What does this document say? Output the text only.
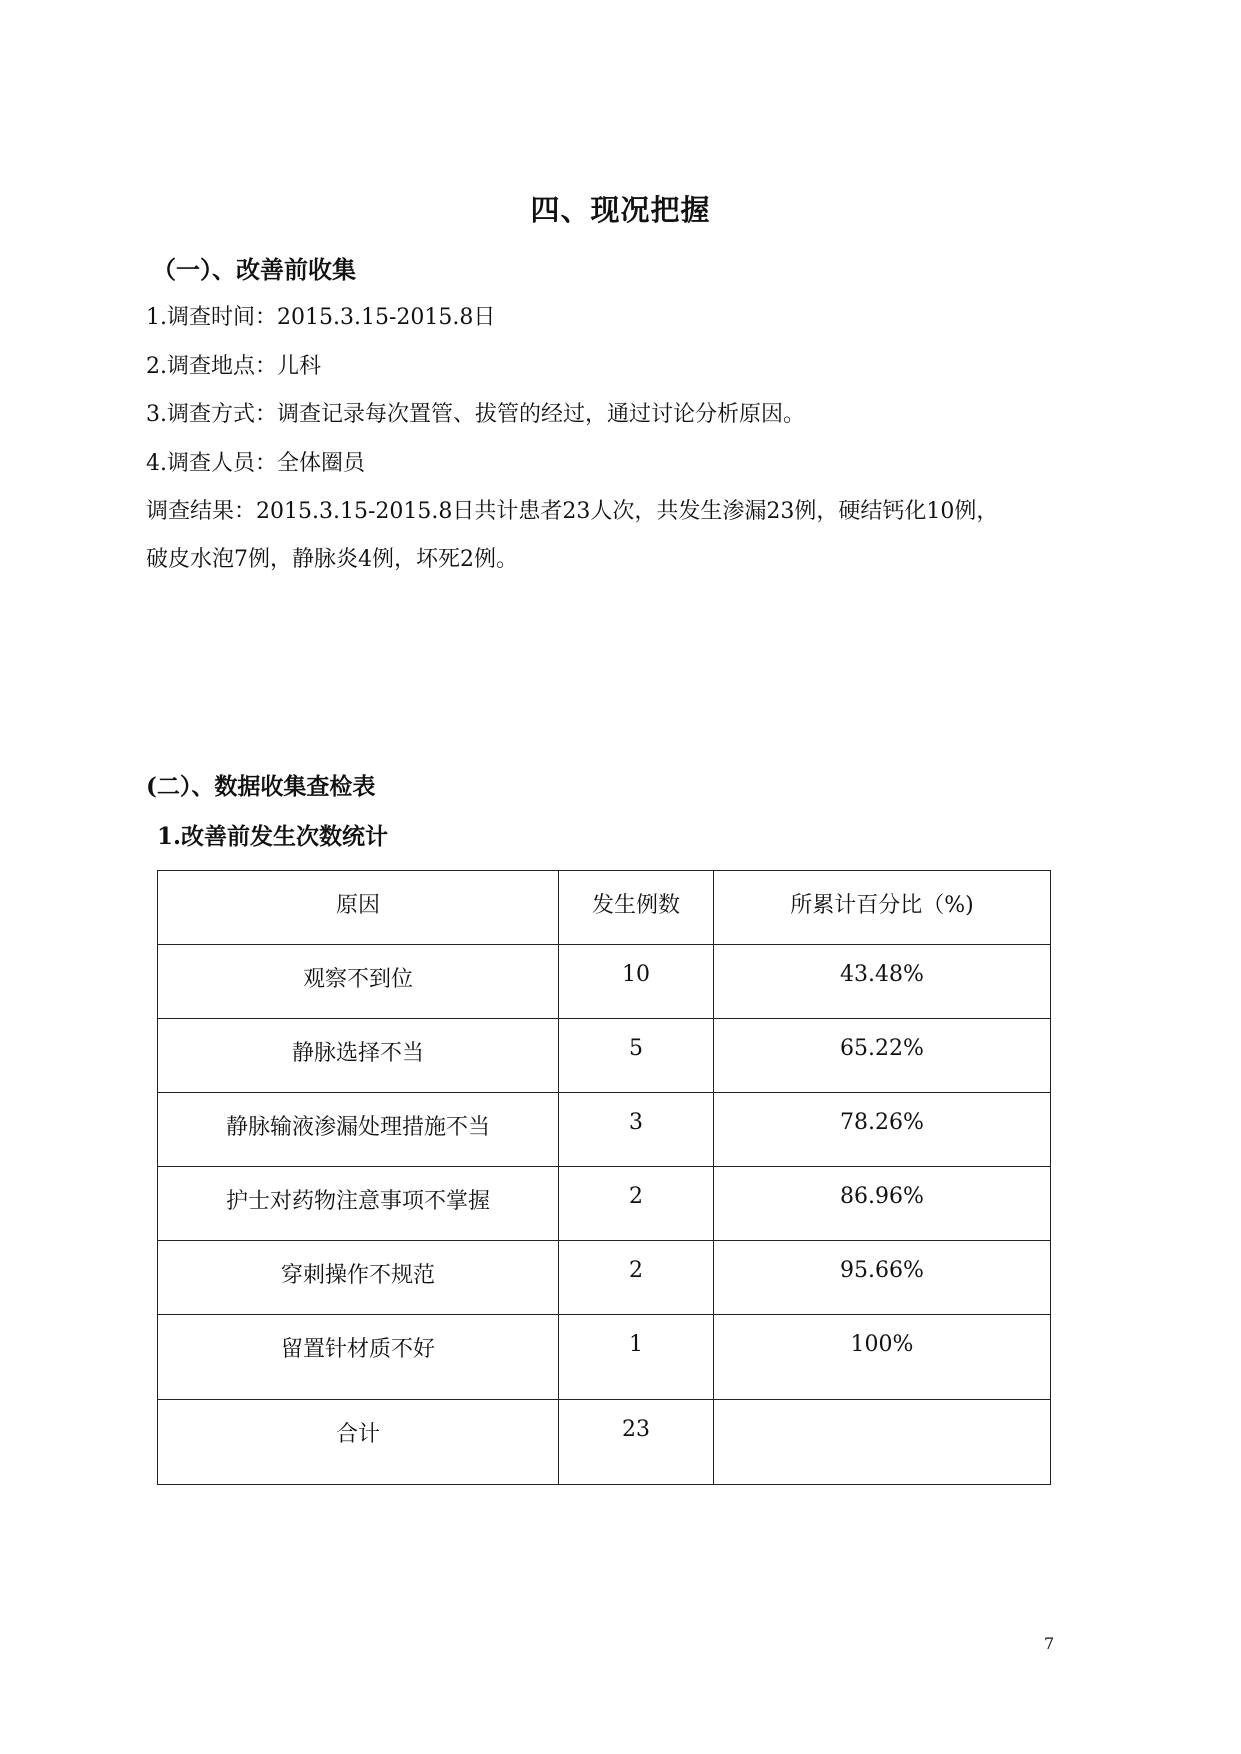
四、现况把握
（一）、改善前收集
1.调查时间：2015.3.15-2015.8日
2.调查地点：儿科
3.调查方式：调查记录每次置管、拔管的经过，通过讨论分析原因。
4.调查人员：全体圈员
调查结果：2015.3.15-2015.8日共计患者23人次，共发生渗漏23例，硬结钙化10例，
破皮水泡7例，静脉炎4例，坏死2例。
(二）、数据收集查检表
1.改善前发生次数统计
原因	发生例数	所累计百分比（%)
观察不到位	10	43.48%
静脉选择不当	5	65.22%
静脉输液渗漏处理措施不当	3	78.26%
护士对药物注意事项不掌握	2	86.96%
穿刺操作不规范	2	95.66%
留置针材质不好	1	100%
合计	23	
7
